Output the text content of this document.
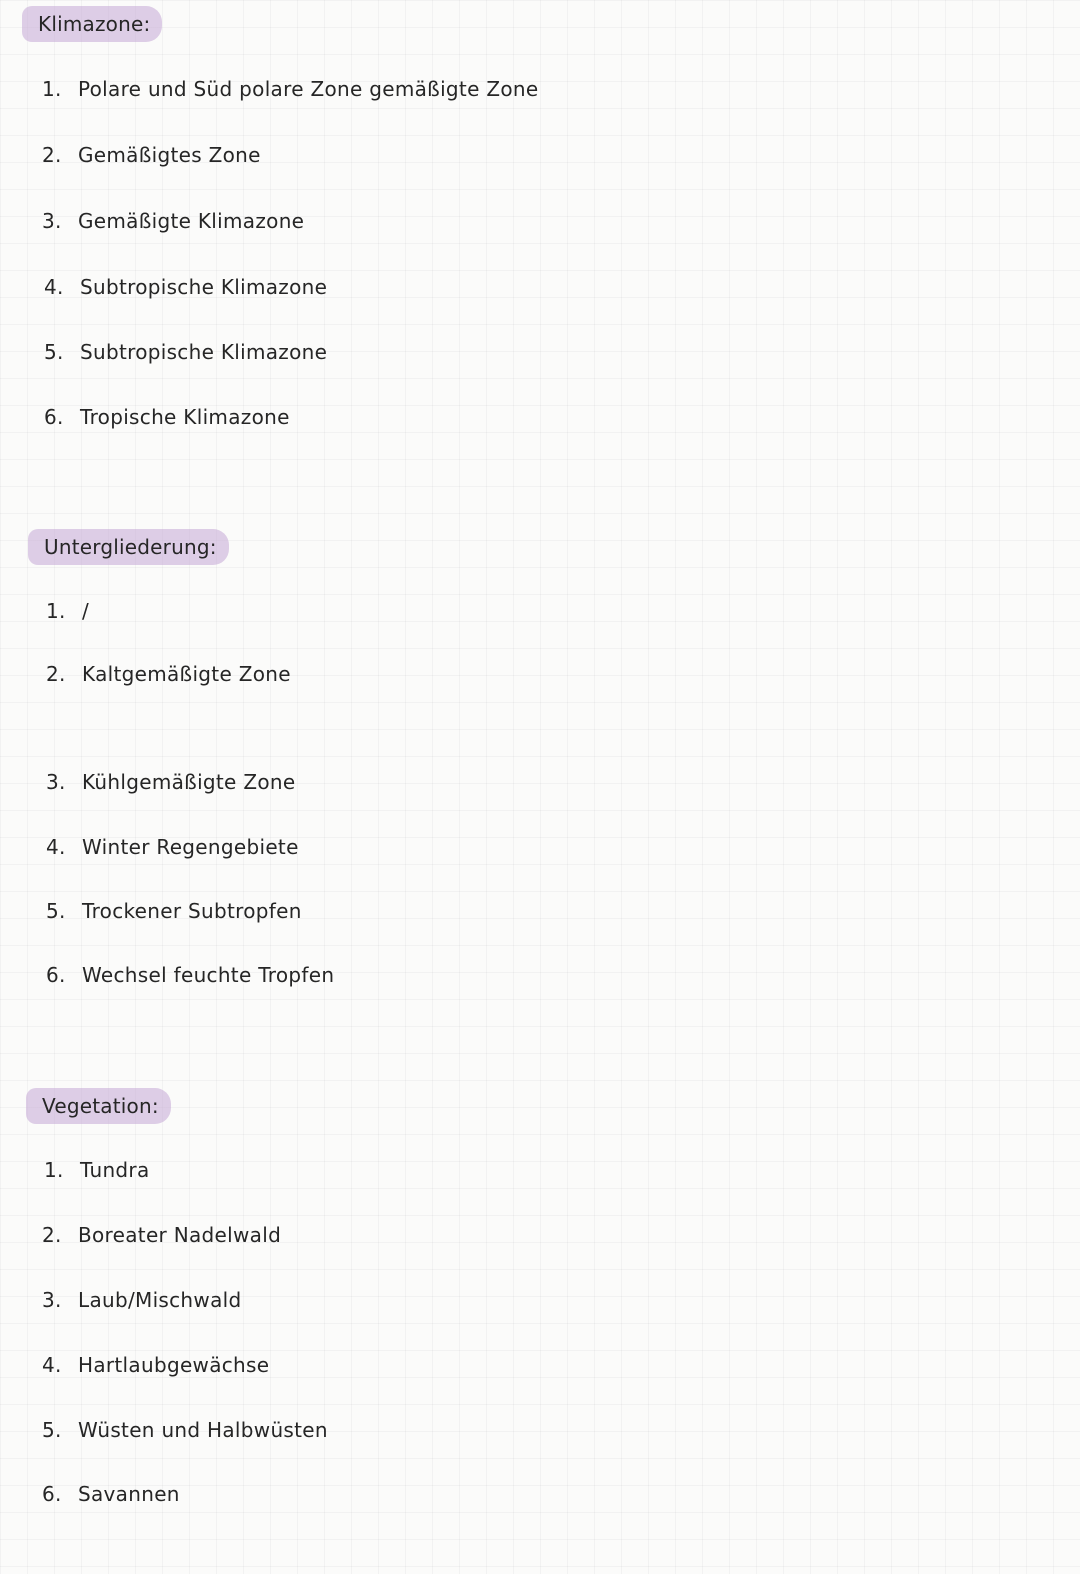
Klimazone:
1. Polare und Süd polare Zone gemäßigte Zone
2. Gemäßigtes Zone
3. Gemäßigte Klimazone
4. Subtropische Klimazone
5. Subtropische Klimazone
6. Tropische Klimazone
Untergliederung:
1. /
2. Kaltgemäßigte Zone
3. Kühlgemäßigte Zone
4. Winter Regengebiete
5. Trockener Subtropfen
6. Wechsel feuchte Tropfen
Vegetation:
1. Tundra
2. Boreater Nadelwald
3. Laub/Mischwald
4. Hartlaubgewächse
5. Wüsten und Halbwüsten
6. Savannen
